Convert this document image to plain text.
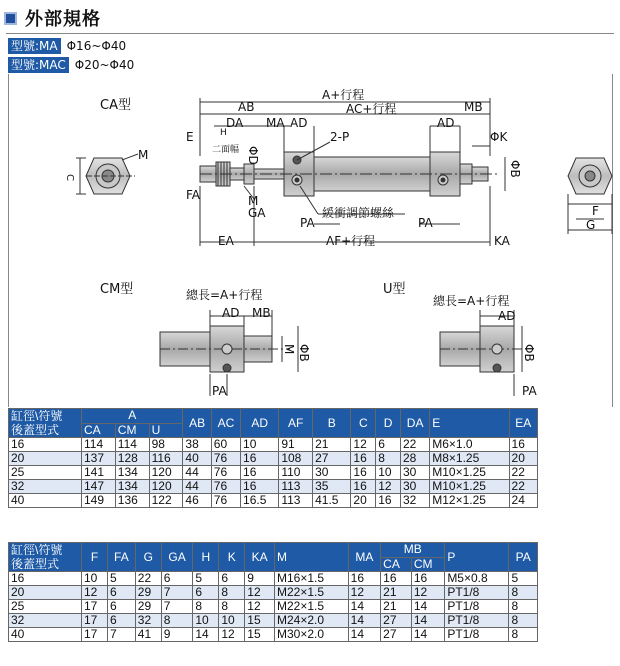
外部規格
型號:MA Φ16~Φ40
型號:MAC Φ20~Φ40
CA型
CM型	U型
A+行程
AB	AC+行程	MB
DA MA AD	AD
E	H
二面幅
2-P	ΦK
ΦD
ΦB
M
C
FA	M
GA
PA	PA
緩衝調節螺絲
EA	AF+行程	KA
F
G
總長=A+行程
AD MB
M ΦB
PA
總長=A+行程
AD
ΦB
PA
缸徑\符號
後蓋型式	A			AB	AC	AD	AF	B	C	D	DA	E	EA
	CA	CM	U										
16	114	114	98	38	60	10	91	21	12	6	22	M6×1.0	16
20	137	128	116	40	76	16	108	27	16	8	28	M8×1.25	20
25	141	134	120	44	76	16	110	30	16	10	30	M10×1.25	22
32	147	134	120	44	76	16	113	35	16	12	30	M10×1.25	22
40	149	136	122	46	76	16.5	113	41.5	20	16	32	M12×1.25	24
缸徑\符號
後蓋型式	F	FA	G	GA	H	K	KA	M	MA	MB		P	PA
										CA	CM		
16	10	5	22	6	5	6	9	M16×1.5	16	16	16	M5×0.8	5
20	12	6	29	7	6	8	12	M22×1.5	12	21	12	PT1/8	8
25	17	6	29	7	8	8	12	M22×1.5	14	21	14	PT1/8	8
32	17	6	32	8	10	10	15	M24×2.0	14	27	14	PT1/8	8
40	17	7	41	9	14	12	15	M30×2.0	14	27	14	PT1/8	8
